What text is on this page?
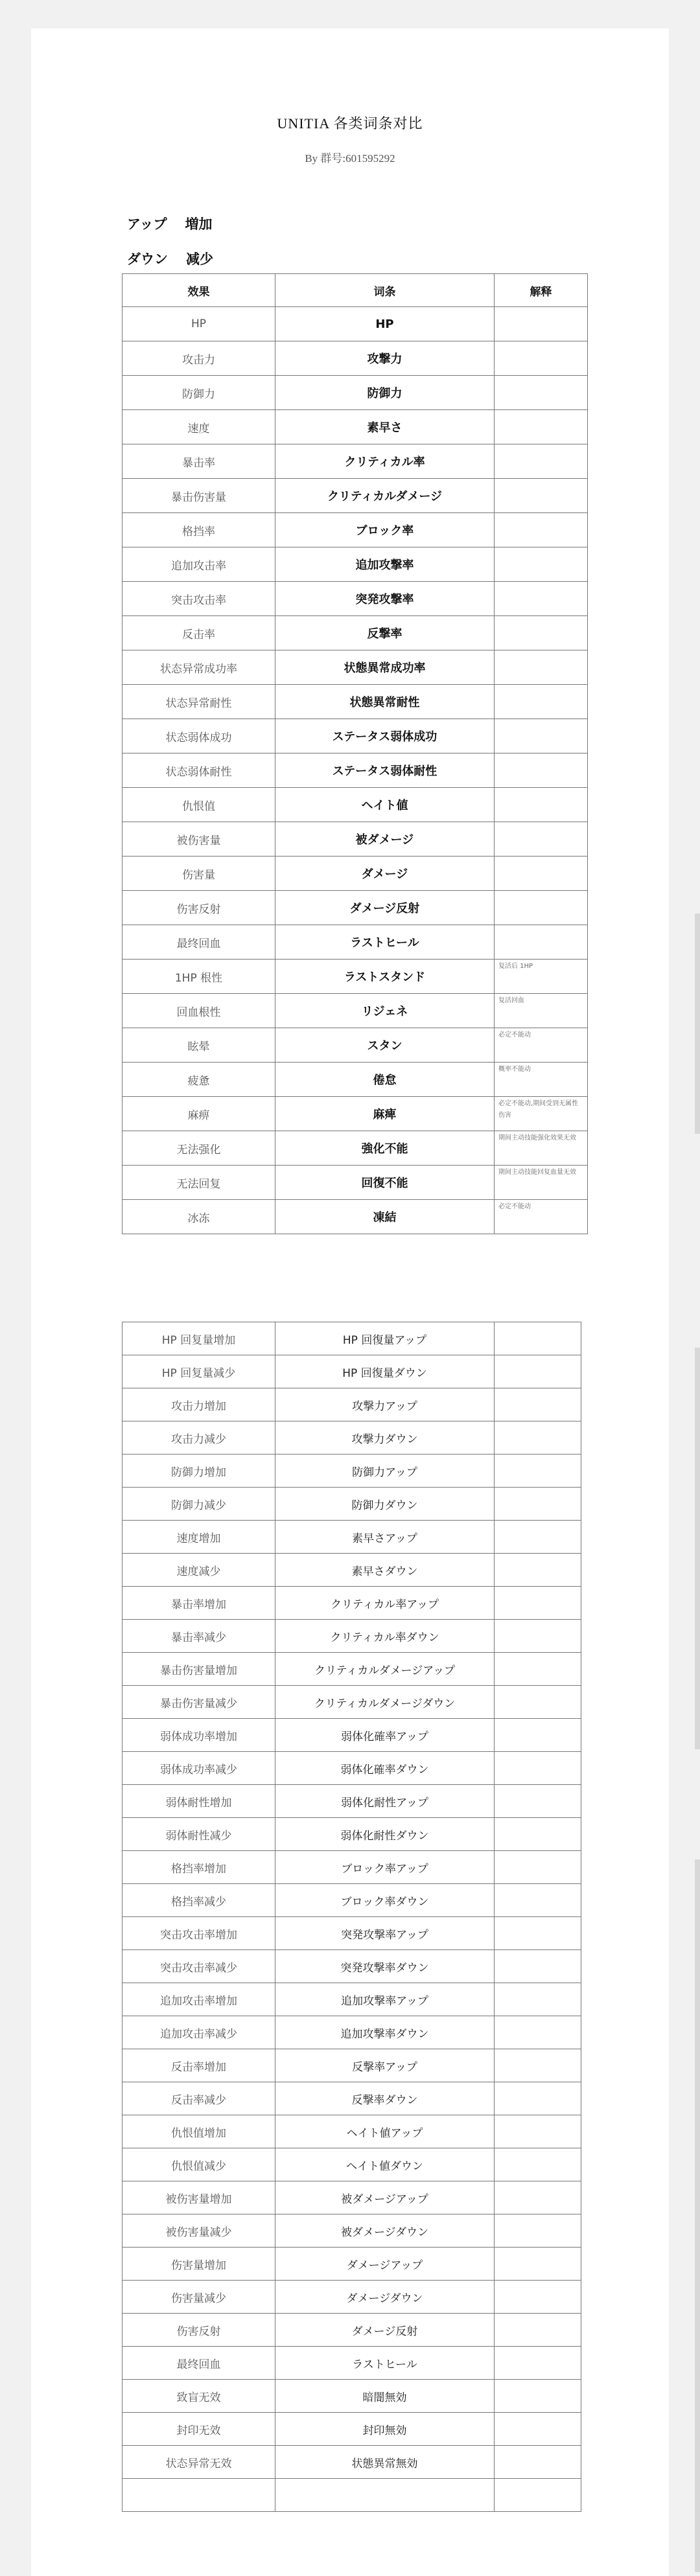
UNITIA 各类词条对比
By 群号:601595292
アップ 増加
ダウン 减少
效果	词条	解释
HP	HP	
攻击力	攻撃力	
防御力	防御力	
速度	素早さ	
暴击率	クリティカル率	
暴击伤害量	クリティカルダメージ	
格挡率	ブロック率	
追加攻击率	追加攻撃率	
突击攻击率	突発攻撃率	
反击率	反撃率	
状态异常成功率	状態異常成功率	
状态异常耐性	状態異常耐性	
状态弱体成功	ステータス弱体成功	
状态弱体耐性	ステータス弱体耐性	
仇恨值	ヘイト値	
被伤害量	被ダメージ	
伤害量	ダメージ	
伤害反射	ダメージ反射	
最终回血	ラストヒール	
1HP 根性	ラストスタンド	复活后 1HP
回血根性	リジェネ	复活回血
眩晕	スタン	必定不能动
疲惫	倦怠	概率不能动
麻痹	麻痺	必定不能动,期间受到无属性伤害
无法强化	強化不能	期间主动技能强化效果无效
无法回复	回復不能	期间主动技能回复血量无效
冰冻	凍結	必定不能动
HP 回复量增加	HP 回復量アップ	
HP 回复量减少	HP 回復量ダウン	
攻击力增加	攻撃力アップ	
攻击力减少	攻撃力ダウン	
防御力增加	防御力アップ	
防御力减少	防御力ダウン	
速度增加	素早さアップ	
速度减少	素早さダウン	
暴击率增加	クリティカル率アップ	
暴击率减少	クリティカル率ダウン	
暴击伤害量增加	クリティカルダメージアップ	
暴击伤害量减少	クリティカルダメージダウン	
弱体成功率增加	弱体化確率アップ	
弱体成功率减少	弱体化確率ダウン	
弱体耐性增加	弱体化耐性アップ	
弱体耐性减少	弱体化耐性ダウン	
格挡率增加	ブロック率アップ	
格挡率减少	ブロック率ダウン	
突击攻击率增加	突発攻撃率アップ	
突击攻击率减少	突発攻撃率ダウン	
追加攻击率增加	追加攻撃率アップ	
追加攻击率减少	追加攻撃率ダウン	
反击率增加	反撃率アップ	
反击率减少	反撃率ダウン	
仇恨值增加	ヘイト値アップ	
仇恨值减少	ヘイト値ダウン	
被伤害量增加	被ダメージアップ	
被伤害量减少	被ダメージダウン	
伤害量增加	ダメージアップ	
伤害量减少	ダメージダウン	
伤害反射	ダメージ反射	
最终回血	ラストヒール	
致盲无效	暗闇無効	
封印无效	封印無効	
状态异常无效	状態異常無効	
